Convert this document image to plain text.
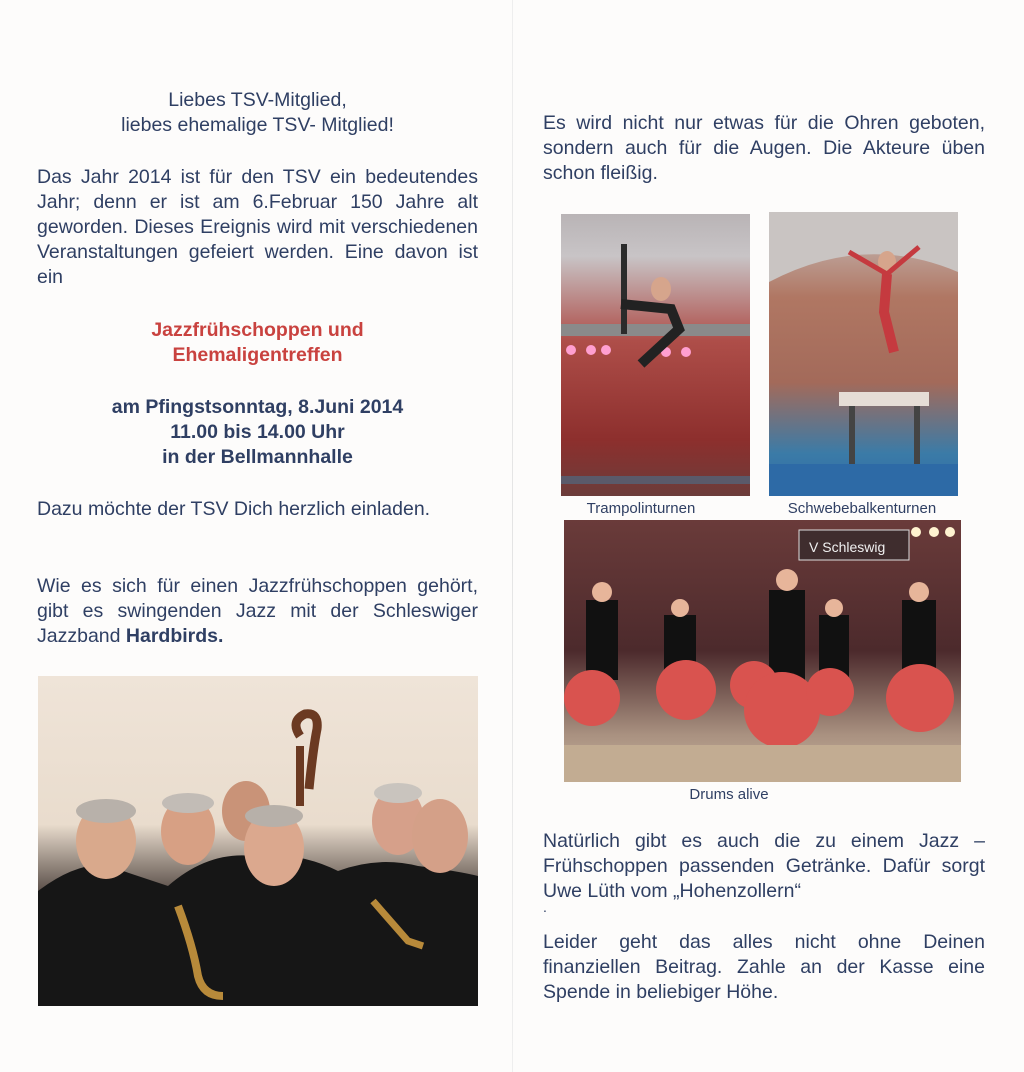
Liebes TSV-Mitglied,

liebes ehemalige TSV- Mitglied!

Das Jahr 2014 ist für den TSV ein bedeutendes Jahr; denn er ist am 6.Februar 150 Jahre alt geworden. Dieses Ereignis wird mit verschiedenen Veranstaltungen gefeiert werden. Eine davon ist ein

Jazzfrühschoppen und

Ehemaligentreffen

am Pfingstsonntag, 8.Juni 2014

11.00 bis 14.00 Uhr

in der Bellmannhalle

Dazu möchte der TSV Dich herzlich einladen.

Wie es sich für einen Jazzfrühschoppen gehört, gibt es swingenden Jazz mit der Schleswiger Jazzband Hardbirds.

Es wird nicht nur etwas für die Ohren geboten, sondern auch für die Augen. Die Akteure üben schon fleißig.

Trampolinturnen	Schwebebalkenturnen
V Schleswig
Drums alive

Natürlich gibt es auch die zu einem Jazz – Frühschoppen passenden Getränke. Dafür sorgt Uwe Lüth vom „Hohenzollern“

.

Leider geht das alles nicht ohne Deinen finanziellen Beitrag. Zahle an der Kasse eine Spende in beliebiger Höhe.
